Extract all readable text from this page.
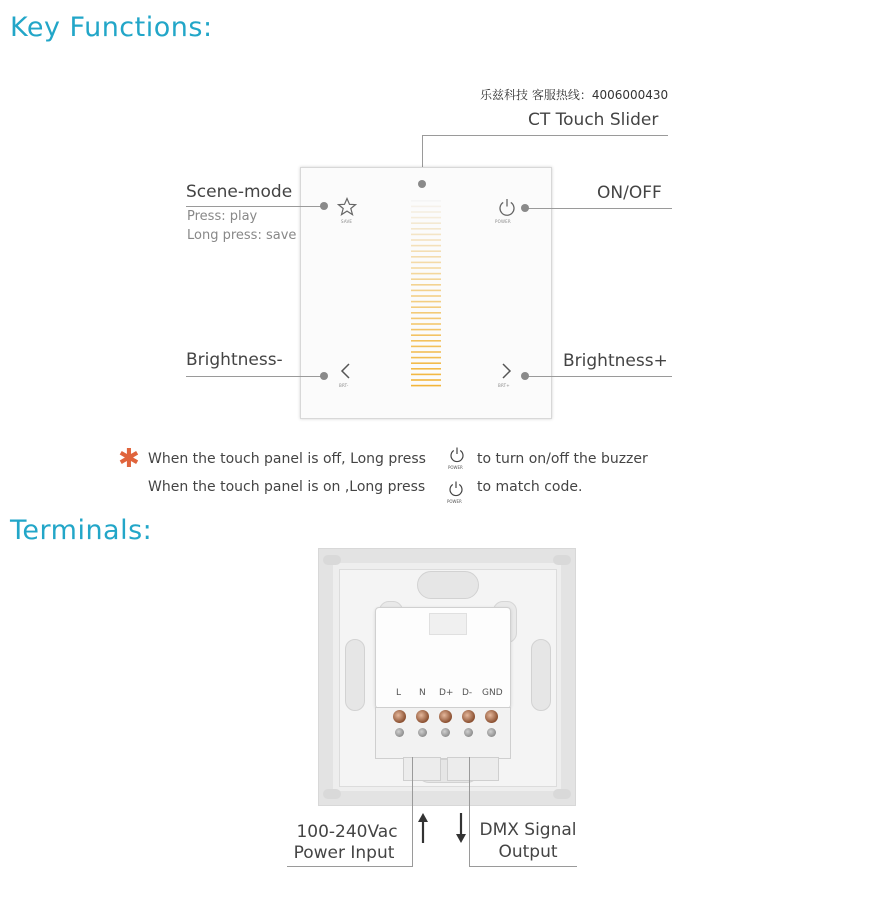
Key Functions:
Terminals:
乐兹科技 客服热线：4006000430
CT Touch Slider
SAVE	POWER
BRT-	BRT+
Scene-mode
Press: play
Long press: save
ON/OFF
Brightness-	Brightness+
✱ When the touch panel is off, Long press
POWER
to turn on/off the buzzer
When the touch panel is on ,Long press
POWER
to match code.
L N D+ D- GND
100-240Vac
Power Input
DMX Signal
Output
